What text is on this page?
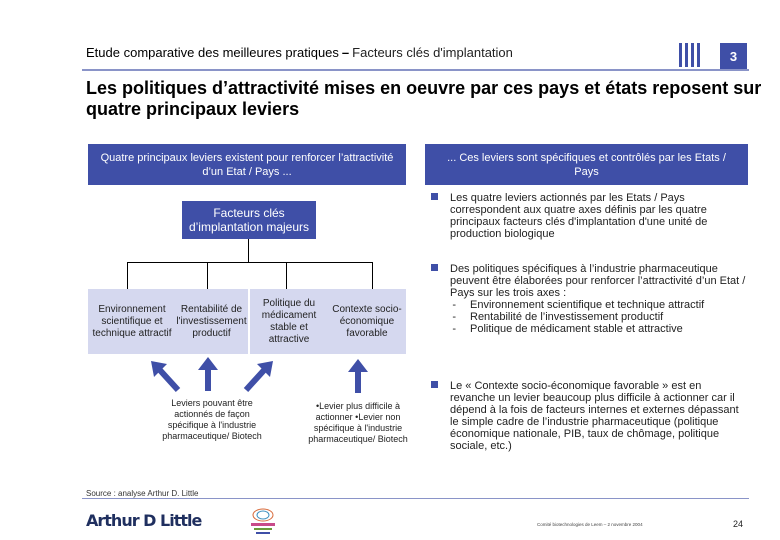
Etude comparative des meilleures pratiques – Facteurs clés d'implantation	3
Les politiques d’attractivité mises en oeuvre par ces pays et états reposent sur quatre principaux leviers
Quatre principaux leviers existent pour renforcer l’attractivité d’un Etat / Pays ...
Facteurs clés d’implantation majeurs
Environnement scientifique et technique attractif
Rentabilité de l'investissement productif
Politique du médicament stable et attractive
Contexte socio-économique favorable
Leviers pouvant être actionnés de façon spécifique à l'industrie pharmaceutique/ Biotech
•Levier plus difficile à actionner •Levier non spécifique à l'industrie pharmaceutique/ Biotech
... Ces leviers sont spécifiques et contrôlés par les Etats / Pays
Les quatre leviers actionnés par les Etats / Pays correspondent aux quatre axes définis par les quatre principaux facteurs clés d'implantation d'une unité de production biologique
Des politiques spécifiques à l’industrie pharmaceutique peuvent être élaborées pour renforcer l’attractivité d’un Etat / Pays sur les trois axes :
-	Environnement scientifique et technique attractif
-	Rentabilité de l’investissement productif
-	Politique de médicament stable et attractive
Le « Contexte socio-économique favorable » est en revanche un levier beaucoup plus difficile à actionner car il dépend à la fois de facteurs internes et externes dépassant le simple cadre de l’industrie pharmaceutique (politique économique nationale, PIB, taux de chômage, politique sociale, etc.)
Source : analyse Arthur D. Little
Arthur D Little	Comité biotechnologies de Leem – 2 novembre 2004	24
